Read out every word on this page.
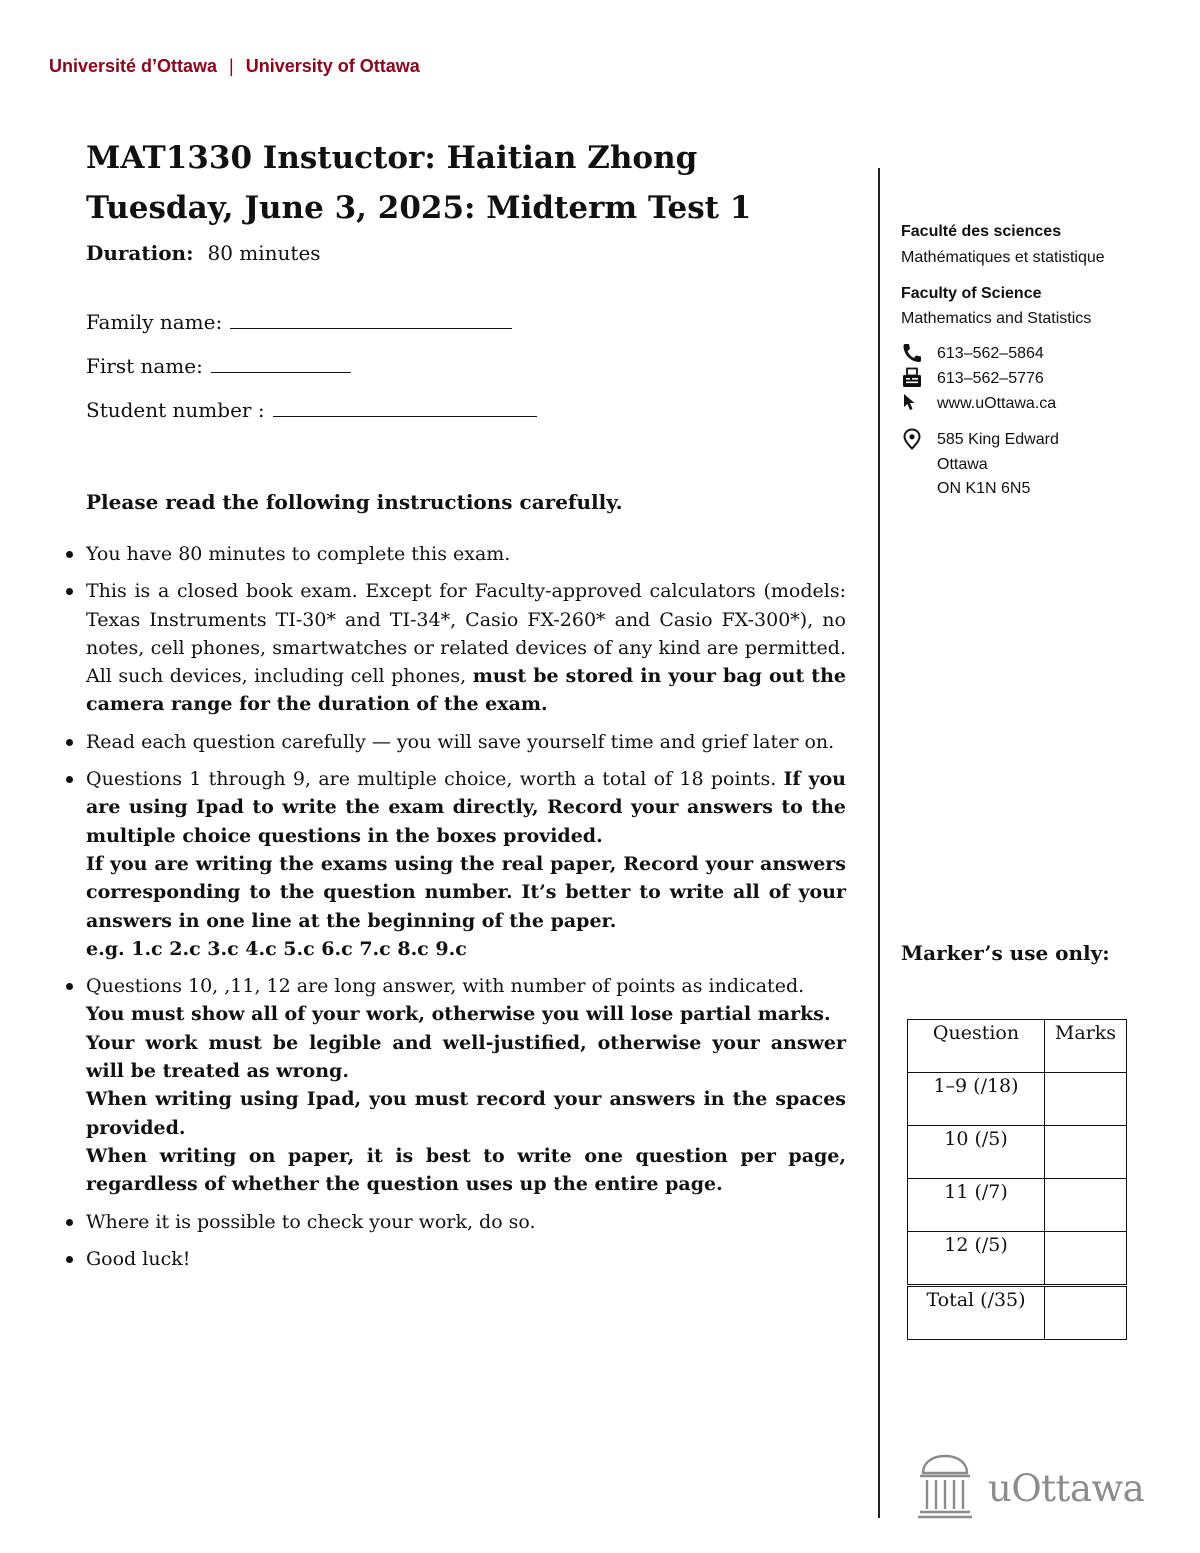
Université d’Ottawa | University of Ottawa
MAT1330 Instuctor: Haitian Zhong
Tuesday, June 3, 2025: Midterm Test 1
Duration: 80 minutes
Family name:
First name:
Student number :
Please read the following instructions carefully.
You have 80 minutes to complete this exam.
This is a closed book exam. Except for Faculty-approved calculators (models: Texas Instruments TI-30* and TI-34*, Casio FX-260* and Casio FX-300*), no notes, cell phones, smartwatches or related devices of any kind are permitted. All such devices, including cell phones, must be stored in your bag out the camera range for the duration of the exam.
Read each question carefully — you will save yourself time and grief later on.
Questions 1 through 9, are multiple choice, worth a total of 18 points. If you are using Ipad to write the exam directly, Record your answers to the multiple choice questions in the boxes provided.
If you are writing the exams using the real paper, Record your answers corresponding to the question number. It’s better to write all of your answers in one line at the beginning of the paper.
e.g. 1.c 2.c 3.c 4.c 5.c 6.c 7.c 8.c 9.c
Questions 10, ,11, 12 are long answer, with number of points as indicated.
You must show all of your work, otherwise you will lose partial marks.
Your work must be legible and well-justified, otherwise your answer will be treated as wrong.
When writing using Ipad, you must record your answers in the spaces provided.
When writing on paper, it is best to write one question per page, regardless of whether the question uses up the entire page.
Where it is possible to check your work, do so.
Good luck!
Faculté des sciences
Mathématiques et statistique
Faculty of Science
Mathematics and Statistics
613–562–5864
613–562–5776
www.uOttawa.ca
585 King Edward
Ottawa
ON K1N 6N5
Marker’s use only:
Question	Marks
1–9 (/18)	
10 (/5)	
11 (/7)	
12 (/5)	
Total (/35)	
uOttawa
